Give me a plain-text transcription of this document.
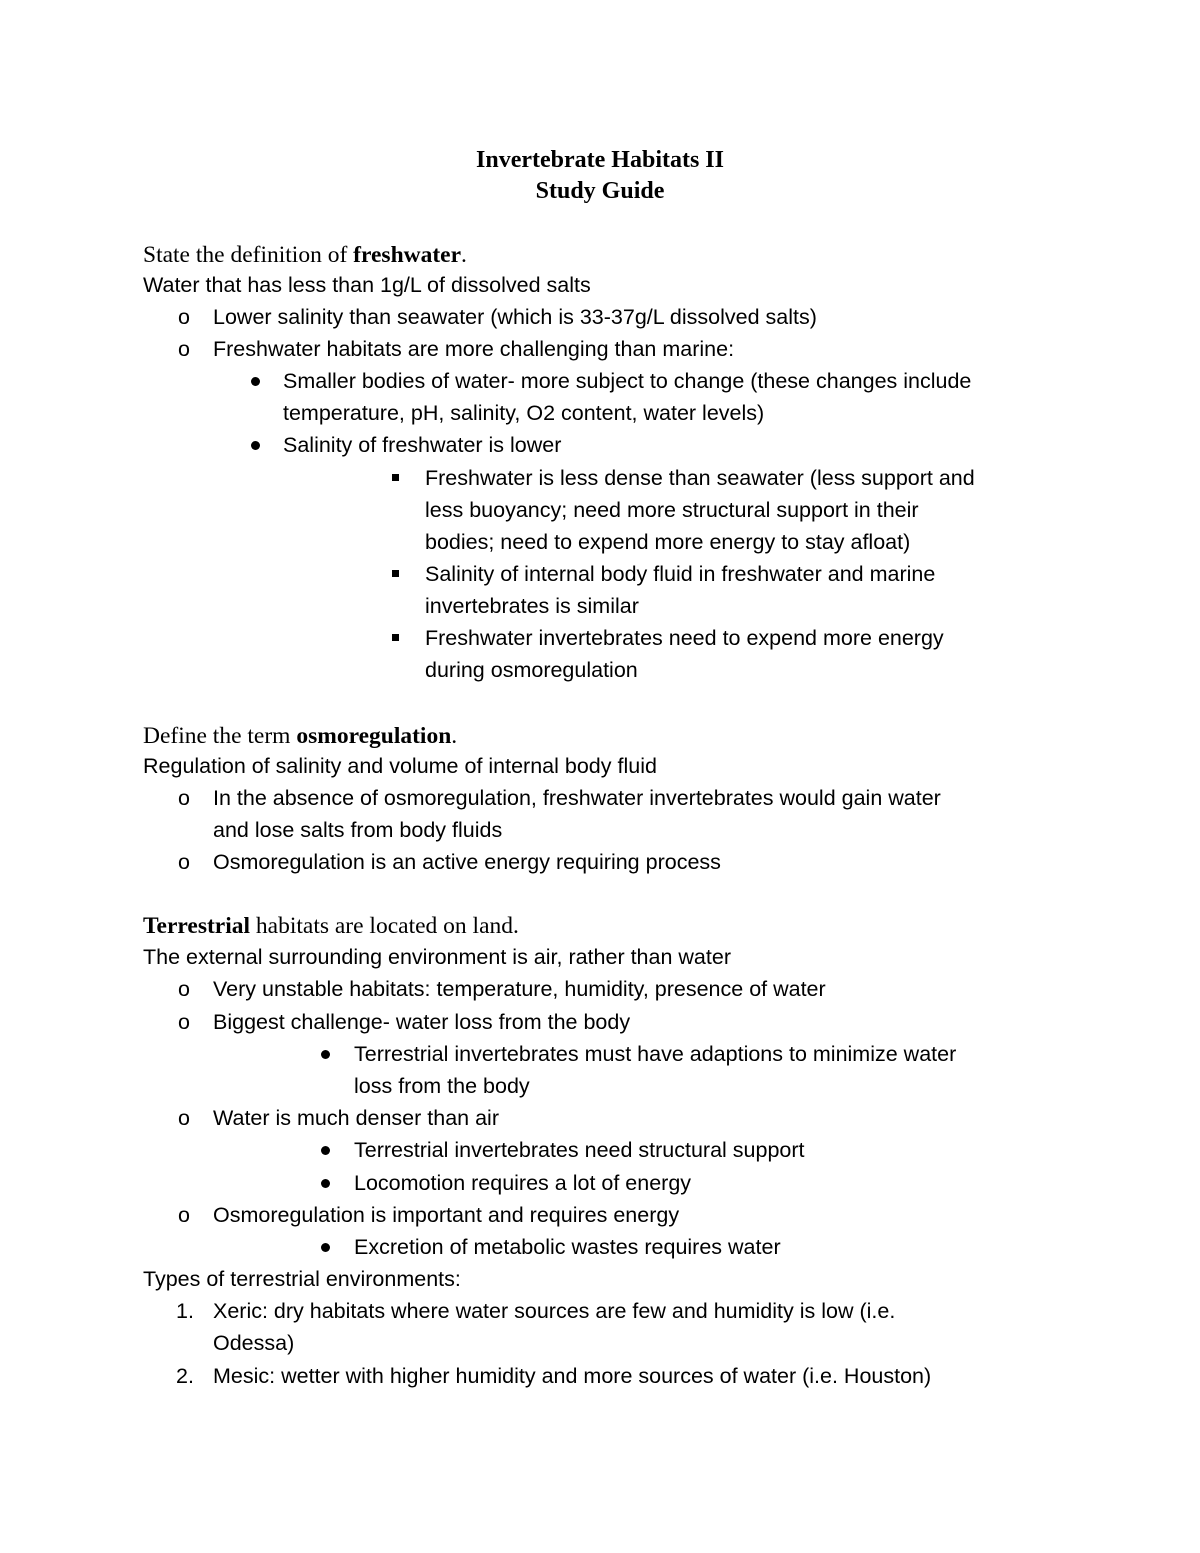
Invertebrate Habitats II
Study Guide
State the definition of freshwater.
Water that has less than 1g/L of dissolved salts
o Lower salinity than seawater (which is 33-37g/L dissolved salts)
o Freshwater habitats are more challenging than marine:
Smaller bodies of water- more subject to change (these changes include
temperature, pH, salinity, O2 content, water levels)
Salinity of freshwater is lower
Freshwater is less dense than seawater (less support and
less buoyancy; need more structural support in their
bodies; need to expend more energy to stay afloat)
Salinity of internal body fluid in freshwater and marine
invertebrates is similar
Freshwater invertebrates need to expend more energy
during osmoregulation
Define the term osmoregulation.
Regulation of salinity and volume of internal body fluid
o In the absence of osmoregulation, freshwater invertebrates would gain water
and lose salts from body fluids
o Osmoregulation is an active energy requiring process
Terrestrial habitats are located on land.
The external surrounding environment is air, rather than water
o Very unstable habitats: temperature, humidity, presence of water
o Biggest challenge- water loss from the body
Terrestrial invertebrates must have adaptions to minimize water
loss from the body
o Water is much denser than air
Terrestrial invertebrates need structural support
Locomotion requires a lot of energy
o Osmoregulation is important and requires energy
Excretion of metabolic wastes requires water
Types of terrestrial environments:
1. Xeric: dry habitats where water sources are few and humidity is low (i.e.
Odessa)
2. Mesic: wetter with higher humidity and more sources of water (i.e. Houston)
